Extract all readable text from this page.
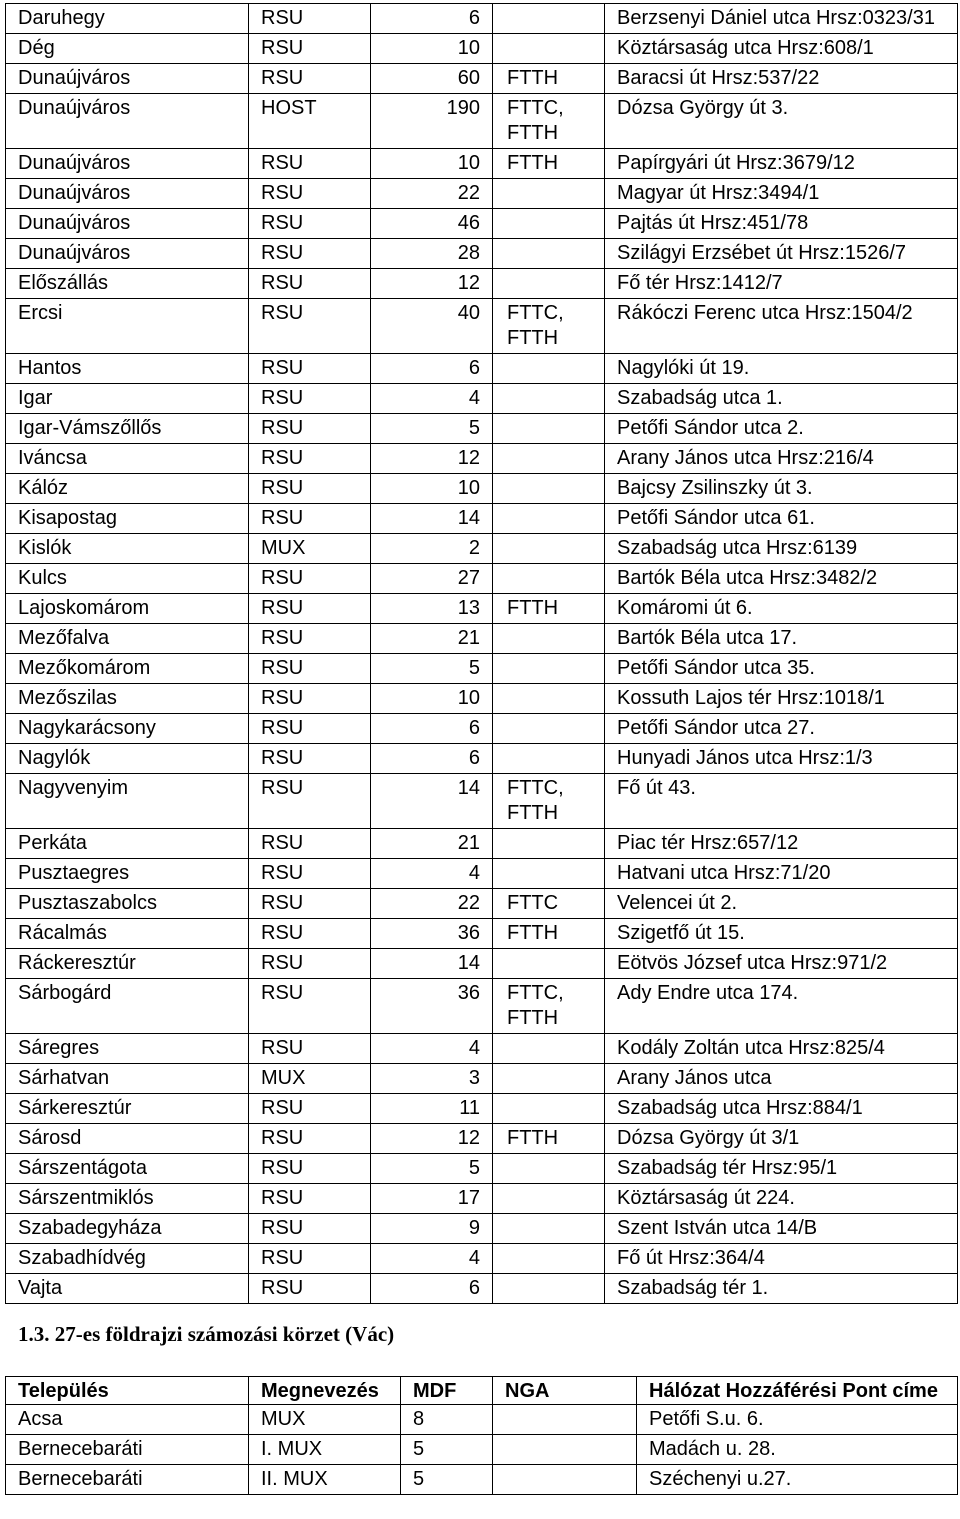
Daruhegy	RSU	6		Berzsenyi Dániel utca Hrsz:0323/31
Dég	RSU	10		Köztársaság utca Hrsz:608/1
Dunaújváros	RSU	60	FTTH	Baracsi út Hrsz:537/22
Dunaújváros	HOST	190	FTTC, FTTH	Dózsa György út 3.
Dunaújváros	RSU	10	FTTH	Papírgyári út Hrsz:3679/12
Dunaújváros	RSU	22		Magyar út Hrsz:3494/1
Dunaújváros	RSU	46		Pajtás út Hrsz:451/78
Dunaújváros	RSU	28		Szilágyi Erzsébet út Hrsz:1526/7
Előszállás	RSU	12		Fő tér Hrsz:1412/7
Ercsi	RSU	40	FTTC, FTTH	Rákóczi Ferenc utca Hrsz:1504/2
Hantos	RSU	6		Nagylóki út 19.
Igar	RSU	4		Szabadság utca 1.
Igar-Vámszőllős	RSU	5		Petőfi Sándor utca 2.
Iváncsa	RSU	12		Arany János utca Hrsz:216/4
Kálóz	RSU	10		Bajcsy Zsilinszky út 3.
Kisapostag	RSU	14		Petőfi Sándor utca 61.
Kislók	MUX	2		Szabadság utca Hrsz:6139
Kulcs	RSU	27		Bartók Béla utca Hrsz:3482/2
Lajoskomárom	RSU	13	FTTH	Komáromi út 6.
Mezőfalva	RSU	21		Bartók Béla utca 17.
Mezőkomárom	RSU	5		Petőfi Sándor utca 35.
Mezőszilas	RSU	10		Kossuth Lajos tér Hrsz:1018/1
Nagykarácsony	RSU	6		Petőfi Sándor utca 27.
Nagylók	RSU	6		Hunyadi János utca Hrsz:1/3
Nagyvenyim	RSU	14	FTTC, FTTH	Fő út 43.
Perkáta	RSU	21		Piac tér Hrsz:657/12
Pusztaegres	RSU	4		Hatvani utca Hrsz:71/20
Pusztaszabolcs	RSU	22	FTTC	Velencei út 2.
Rácalmás	RSU	36	FTTH	Szigetfő út 15.
Ráckeresztúr	RSU	14		Eötvös József utca Hrsz:971/2
Sárbogárd	RSU	36	FTTC, FTTH	Ady Endre utca 174.
Sáregres	RSU	4		Kodály Zoltán utca Hrsz:825/4
Sárhatvan	MUX	3		Arany János utca
Sárkeresztúr	RSU	11		Szabadság utca Hrsz:884/1
Sárosd	RSU	12	FTTH	Dózsa György út 3/1
Sárszentágota	RSU	5		Szabadság tér Hrsz:95/1
Sárszentmiklós	RSU	17		Köztársaság út 224.
Szabadegyháza	RSU	9		Szent István utca 14/B
Szabadhídvég	RSU	4		Fő út Hrsz:364/4
Vajta	RSU	6		Szabadság tér 1.
1.3. 27-es földrajzi számozási körzet (Vác)
Település	Megnevezés	MDF	NGA	Hálózat Hozzáférési Pont címe
Acsa	MUX	8		Petőfi S.u. 6.
Bernecebaráti	I. MUX	5		Madách u. 28.
Bernecebaráti	II. MUX	5		Széchenyi u.27.
